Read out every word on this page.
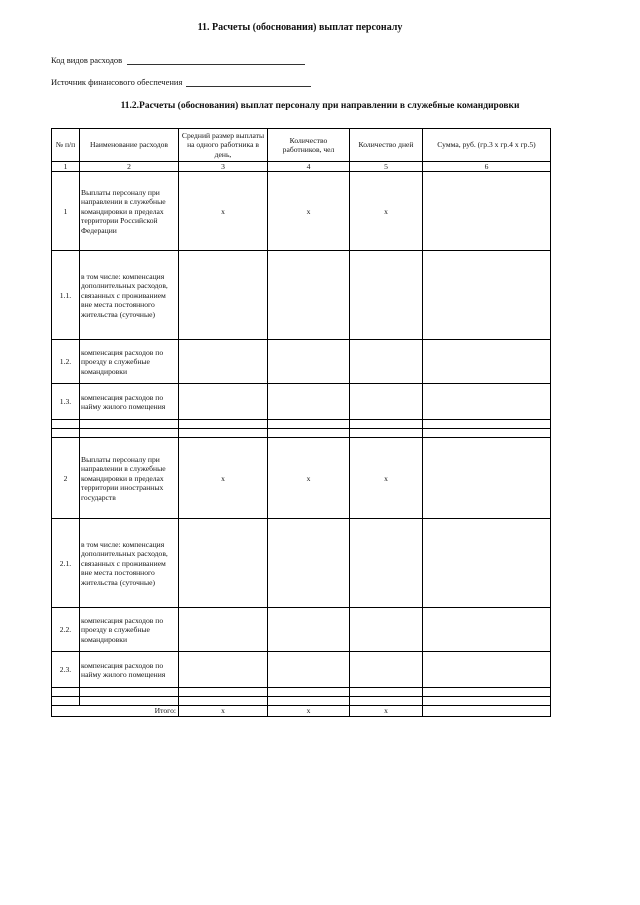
11. Расчеты (обоснования) выплат персоналу
Код видов расходов
Источник финансового обеспечения
11.2.Расчеты (обоснования) выплат персоналу при направлении в служебные командировки
№ п/п	Наименование расходов	Средний размер выплаты на одного работника в день,	Количество работников, чел	Количество дней	Сумма, руб. (гр.3 х гр.4 х гр.5)
1	2	3	4	5	6
1	Выплаты персоналу при направлении в служебные командировки в пределах территории Российской Федерации	х	х	х	
1.1.	в том числе: компенсация дополнительных расходов, связанных с проживанием вне места постоянного жительства (суточные)				
1.2.	компенсация расходов по проезду в служебные командировки				
1.3.	компенсация расходов по найму жилого помещения				

2	Выплаты персоналу при направлении в служебные командировки в пределах территории иностранных государств	х	х	х	
2.1.	в том числе: компенсация дополнительных расходов, связанных с проживанием вне места постоянного жительства (суточные)				
2.2.	компенсация расходов по проезду в служебные командировки				
2.3.	компенсация расходов по найму жилого помещения				

Итого:		х	х	х	
